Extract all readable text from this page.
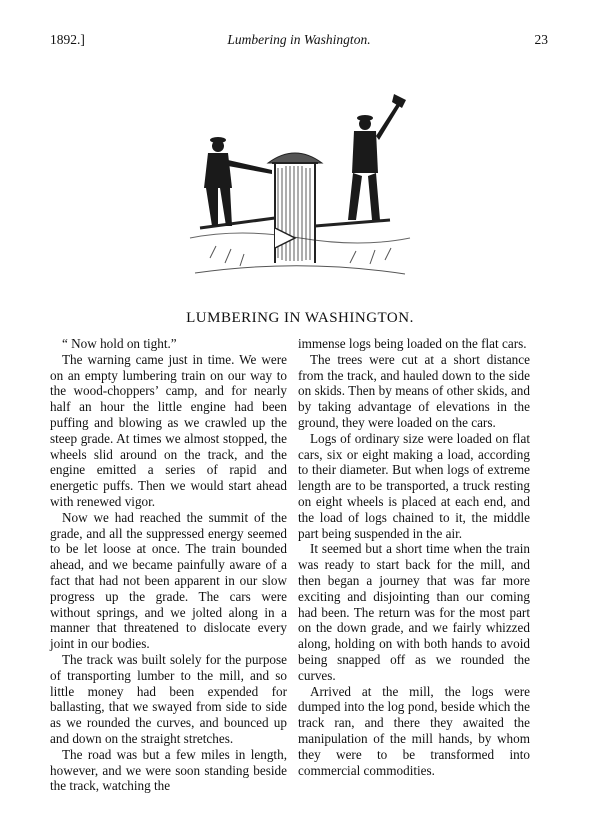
1892.]	Lumbering in Washington.	23
LUMBERING IN WASHINGTON.

“ Now hold on tight.”

The warning came just in time. We were on an empty lumbering train on our way to the wood-choppers’ camp, and for nearly half an hour the little engine had been puffing and blowing as we crawled up the steep grade. At times we almost stopped, the wheels slid around on the track, and the engine emitted a series of rapid and energetic puffs. Then we would start ahead with renewed vigor.

Now we had reached the summit of the grade, and all the suppressed energy seemed to be let loose at once. The train bounded ahead, and we became painfully aware of a fact that had not been apparent in our slow progress up the grade. The cars were without springs, and we jolted along in a manner that threatened to dislocate every joint in our bodies.

The track was built solely for the purpose of transporting lumber to the mill, and so little money had been expended for ballasting, that we swayed from side to side as we rounded the curves, and bounced up and down on the straight stretches.

The road was but a few miles in length, however, and we were soon standing beside the track, watching the

immense logs being loaded on the flat cars.

The trees were cut at a short distance from the track, and hauled down to the side on skids. Then by means of other skids, and by taking advantage of elevations in the ground, they were loaded on the cars.

Logs of ordinary size were loaded on flat cars, six or eight making a load, according to their diameter. But when logs of extreme length are to be transported, a truck resting on eight wheels is placed at each end, and the load of logs chained to it, the middle part being suspended in the air.

It seemed but a short time when the train was ready to start back for the mill, and then began a journey that was far more exciting and disjointing than our coming had been. The return was for the most part on the down grade, and we fairly whizzed along, holding on with both hands to avoid being snapped off as we rounded the curves.

Arrived at the mill, the logs were dumped into the log pond, beside which the track ran, and there they awaited the manipulation of the mill hands, by whom they were to be transformed into commercial commodities.
